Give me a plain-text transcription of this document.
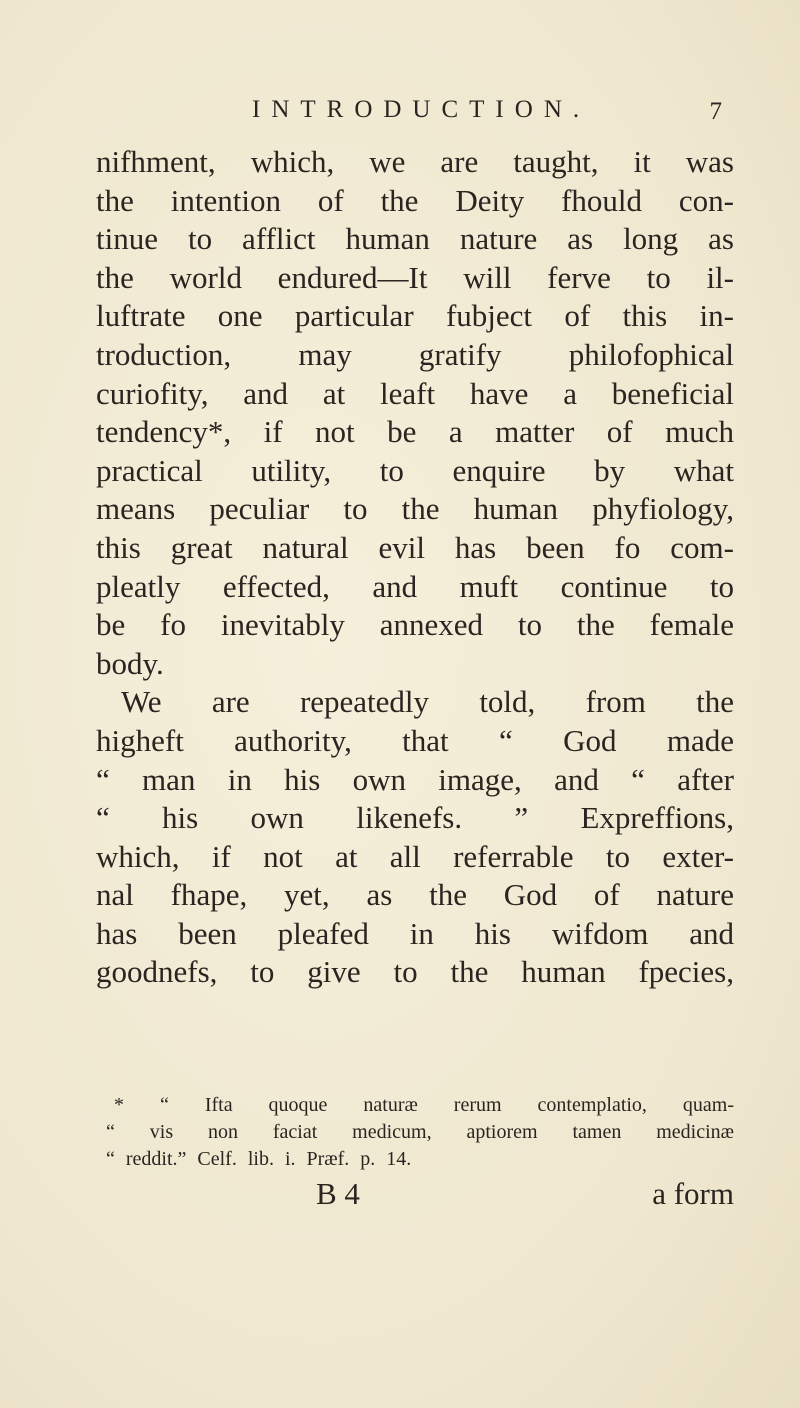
INTRODUCTION.	7
nifhment, which, we are taught, it was
the intention of the Deity fhould con-
tinue to afflict human nature as long as
the world endured—It will ferve to il-
luftrate one particular fubject of this in-
troduction, may gratify philofophical
curiofity, and at leaft have a beneficial
tendency*, if not be a matter of much
practical utility, to enquire by what
means peculiar to the human phyfiology,
this great natural evil has been fo com-
pleatly effected, and muft continue to
be fo inevitably annexed to the female
body.
We are repeatedly told, from the
higheft authority, that “ God made
“ man in his own image, and “ after
“ his own likenefs. ” Expreffions,
which, if not at all referrable to exter-
nal fhape, yet, as the God of nature
has been pleafed in his wifdom and
goodnefs, to give to the human fpecies,
* “ Ifta quoque naturæ rerum contemplatio, quam-
“ vis non faciat medicum, aptiorem tamen medicinæ
“ reddit.” Celf. lib. i. Præf. p. 14.
B 4	a form
